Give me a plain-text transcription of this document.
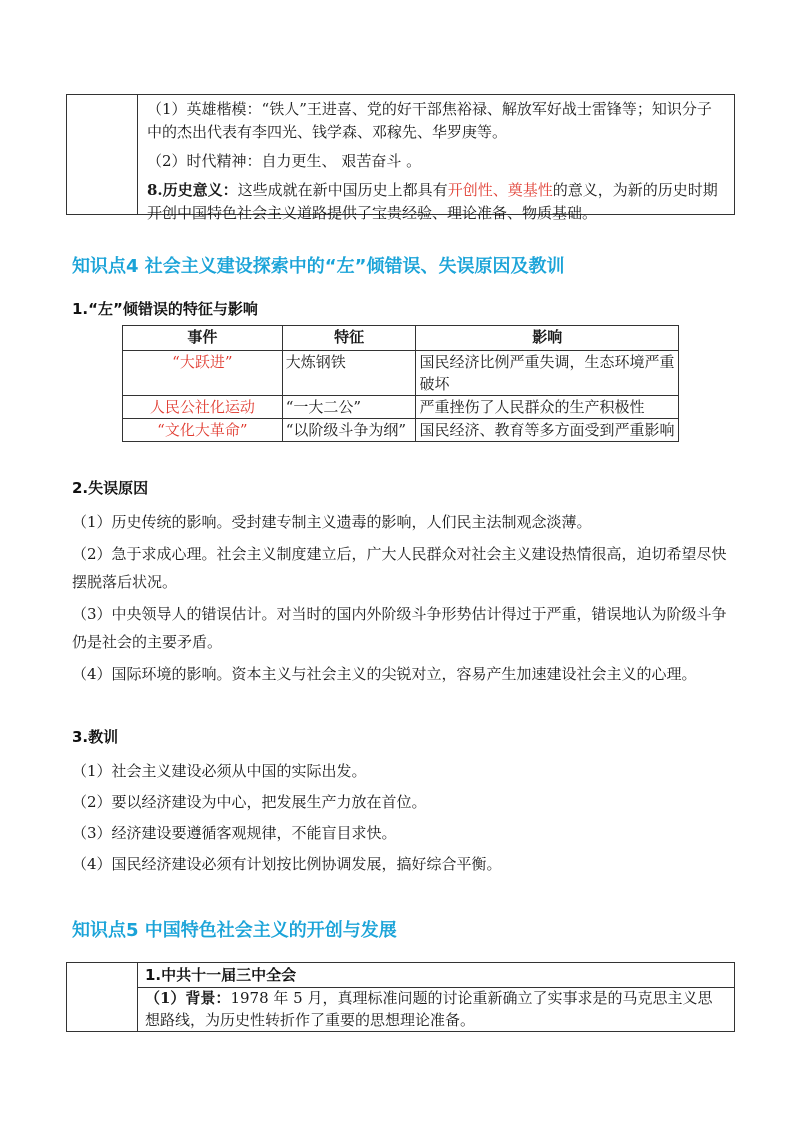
（1）英雄楷模：“铁人”王进喜、党的好干部焦裕禄、解放军好战士雷锋等；知识分子中的杰出代表有李四光、钱学森、邓稼先、华罗庚等。

（2）时代精神：自力更生、 艰苦奋斗 。

8.历史意义：这些成就在新中国历史上都具有开创性、奠基性的意义，为新的历史时期开创中国特色社会主义道路提供了宝贵经验、理论准备、物质基础。

知识点4 社会主义建设探索中的“左”倾错误、失误原因及教训
1.“左”倾错误的特征与影响
事件	特征	影响
“大跃进”	大炼钢铁	国民经济比例严重失调，生态环境严重破坏
人民公社化运动	“一大二公”	严重挫伤了人民群众的生产积极性
“文化大革命”	“以阶级斗争为纲”	国民经济、教育等多方面受到严重影响
2.失误原因

（1）历史传统的影响。受封建专制主义遗毒的影响，人们民主法制观念淡薄。

（2）急于求成心理。社会主义制度建立后，广大人民群众对社会主义建设热情很高，迫切希望尽快摆脱落后状况。

（3）中央领导人的错误估计。对当时的国内外阶级斗争形势估计得过于严重，错误地认为阶级斗争仍是社会的主要矛盾。

（4）国际环境的影响。资本主义与社会主义的尖锐对立，容易产生加速建设社会主义的心理。

3.教训

（1）社会主义建设必须从中国的实际出发。

（2）要以经济建设为中心，把发展生产力放在首位。

（3）经济建设要遵循客观规律，不能盲目求快。

（4）国民经济建设必须有计划按比例协调发展，搞好综合平衡。

知识点5 中国特色社会主义的开创与发展

1.中共十一届三中全会

（1）背景：1978 年 5 月，真理标准问题的讨论重新确立了实事求是的马克思主义思想路线，为历史性转折作了重要的思想理论准备。
